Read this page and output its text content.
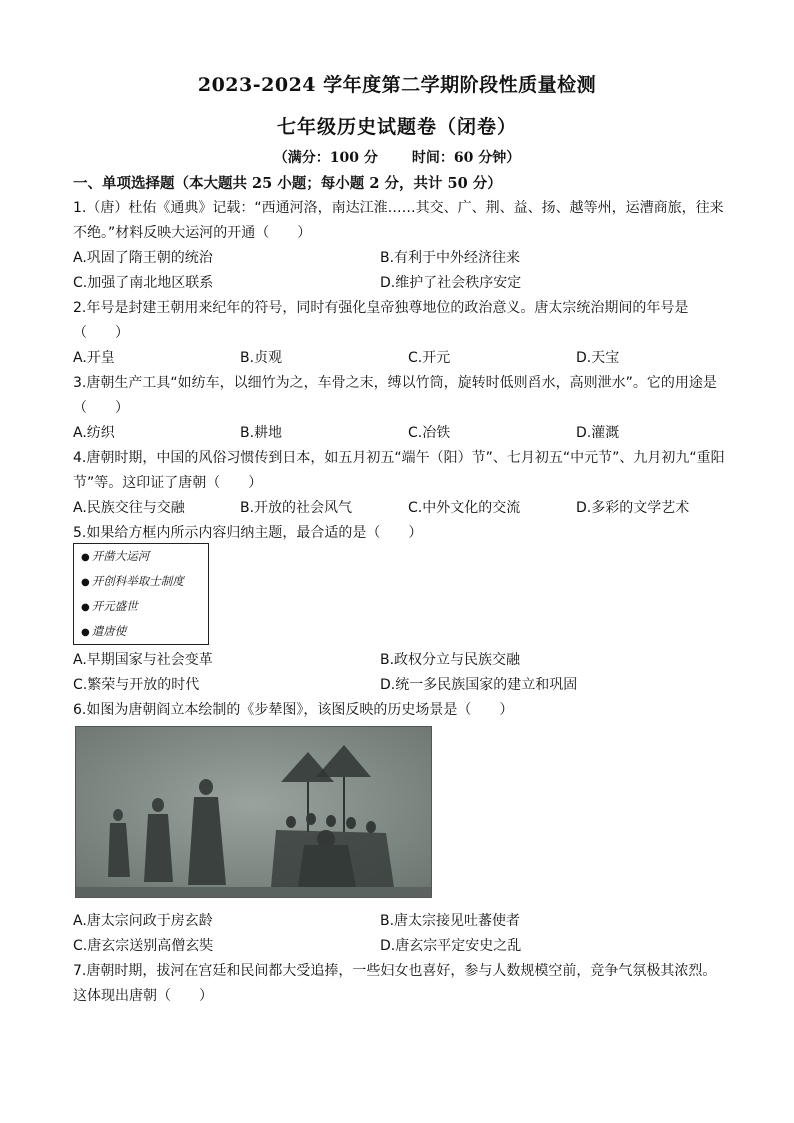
2023-2024 学年度第二学期阶段性质量检测
七年级历史试题卷（闭卷）
（满分：100 分 时间：60 分钟）
一、单项选择题（本大题共 25 小题；每小题 2 分，共计 50 分）
1.（唐）杜佑《通典》记载：“西通河洛，南达江淮……其交、广、荆、益、扬、越等州，运漕商旅，往来
不绝。”材料反映大运河的开通（　　）
A.巩固了隋王朝的统治	B.有利于中外经济往来
C.加强了南北地区联系	D.维护了社会秩序安定
2.年号是封建王朝用来纪年的符号，同时有强化皇帝独尊地位的政治意义。唐太宗统治期间的年号是
（　　）
A.开皇	B.贞观	C.开元	D.天宝
3.唐朝生产工具“如纺车，以细竹为之，车骨之末，缚以竹筒，旋转时低则舀水，高则泄水”。它的用途是
（　　）
A.纺织	B.耕地	C.冶铁	D.灌溉
4.唐朝时期，中国的风俗习惯传到日本，如五月初五“端午（阳）节”、七月初五“中元节”、九月初九“重阳
节”等。这印证了唐朝（　　）
A.民族交往与交融	B.开放的社会风气	C.中外文化的交流	D.多彩的文学艺术
5.如果给方框内所示内容归纳主题，最合适的是（　　）
● 开凿大运河
● 开创科举取士制度
● 开元盛世
● 遣唐使
A.早期国家与社会变革	B.政权分立与民族交融
C.繁荣与开放的时代	D.统一多民族国家的建立和巩固
6.如图为唐朝阎立本绘制的《步辇图》，该图反映的历史场景是（　　）
A.唐太宗问政于房玄龄	B.唐太宗接见吐蕃使者
C.唐玄宗送别高僧玄奘	D.唐玄宗平定安史之乱
7.唐朝时期，拔河在宫廷和民间都大受追捧，一些妇女也喜好，参与人数规模空前，竞争气氛极其浓烈。
这体现出唐朝（　　）
